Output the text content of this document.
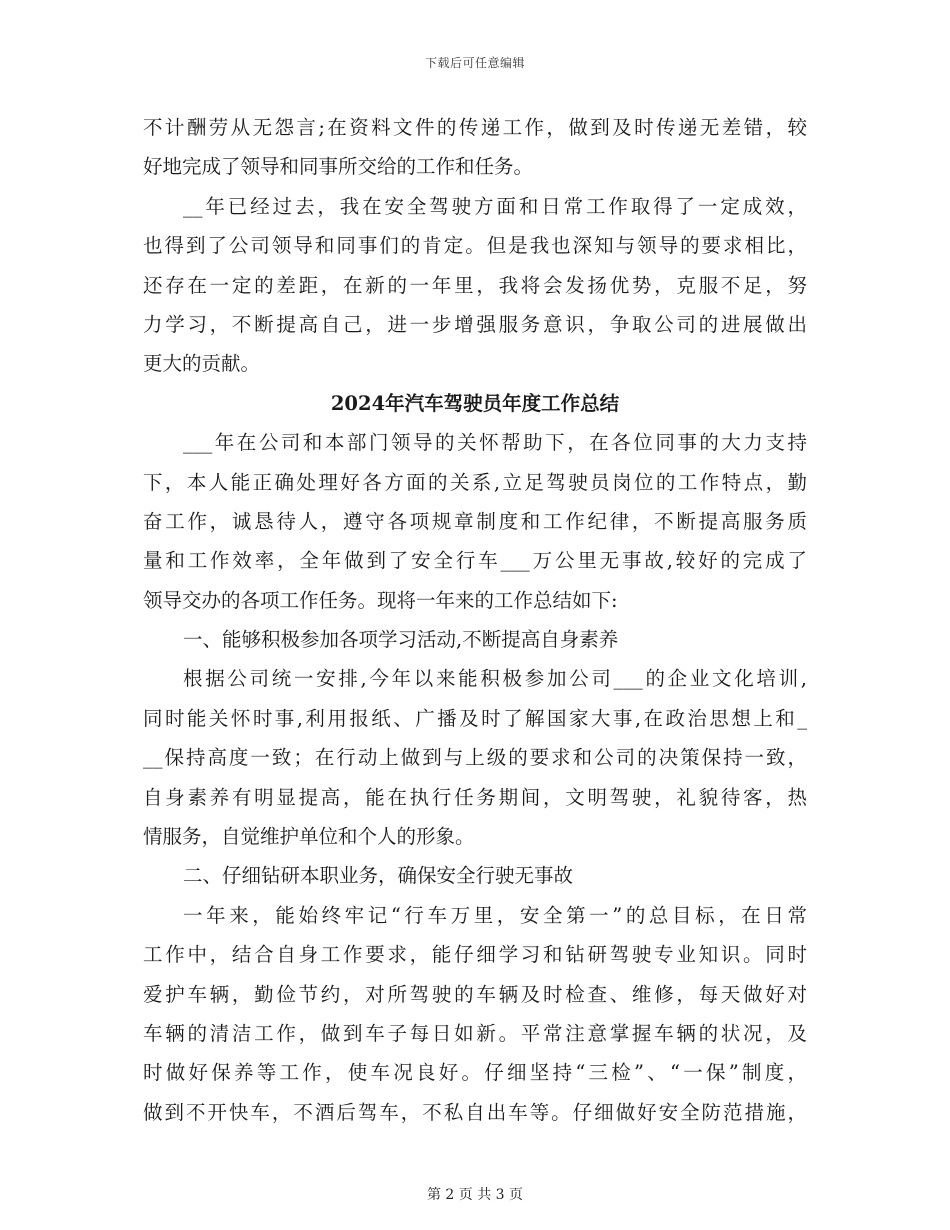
下载后可任意编辑
不计酬劳从无怨言;在资料文件的传递工作，做到及时传递无差错，较
好地完成了领导和同事所交给的工作和任务。
__年已经过去，我在安全驾驶方面和日常工作取得了一定成效，
也得到了公司领导和同事们的肯定。但是我也深知与领导的要求相比，
还存在一定的差距，在新的一年里，我将会发扬优势，克服不足，努
力学习，不断提高自己，进一步增强服务意识，争取公司的进展做出
更大的贡献。
2024年汽车驾驶员年度工作总结
___年在公司和本部门领导的关怀帮助下，在各位同事的大力支持
下，本人能正确处理好各方面的关系,立足驾驶员岗位的工作特点，勤
奋工作，诚恳待人，遵守各项规章制度和工作纪律，不断提高服务质
量和工作效率，全年做到了安全行车___万公里无事故,较好的完成了
领导交办的各项工作任务。现将一年来的工作总结如下:
一、能够积极参加各项学习活动,不断提高自身素养
根据公司统一安排,今年以来能积极参加公司___的企业文化培训,
同时能关怀时事,利用报纸、广播及时了解国家大事,在政治思想上和_
__保持高度一致；在行动上做到与上级的要求和公司的决策保持一致，
自身素养有明显提高，能在执行任务期间，文明驾驶，礼貌待客，热
情服务，自觉维护单位和个人的形象。
二、仔细钻研本职业务，确保安全行驶无事故
一年来，能始终牢记“行车万里，安全第一”的总目标，在日常
工作中，结合自身工作要求，能仔细学习和钻研驾驶专业知识。同时
爱护车辆，勤俭节约，对所驾驶的车辆及时检查、维修，每天做好对
车辆的清洁工作，做到车子每日如新。平常注意掌握车辆的状况，及
时做好保养等工作，使车况良好。仔细坚持“三检”、“一保”制度，
做到不开快车，不酒后驾车，不私自出车等。仔细做好安全防范措施，
第 2 页 共 3 页
